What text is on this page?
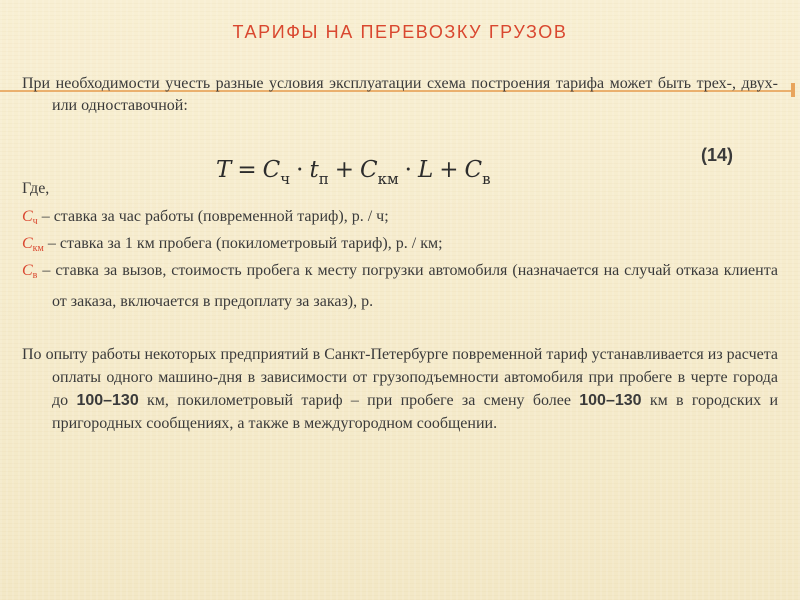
ТАРИФЫ НА ПЕРЕВОЗКУ ГРУЗОВ
При необходимости учесть разные условия эксплуатации схема построения тарифа может быть трех-, двух- или одноставочной:
$T = C_ч \cdot t_п + C_{км} \cdot L + C_в$
(14)
Где,
Сч – ставка за час работы (повременной тариф), р. / ч;
Скм – ставка за 1 км пробега (покилометровый тариф), р. / км;
Св – ставка за вызов, стоимость пробега к месту погрузки автомобиля (назначается на случай отказа клиента от заказа, включается в предоплату за заказ), р.
По опыту работы некоторых предприятий в Санкт-Петербурге повременной тариф устанавливается из расчета оплаты одного машино-дня в зависимости от грузоподъемности автомобиля при пробеге в черте города до 100–130 км, покилометровый тариф – при пробеге за смену более 100–130 км в городских и пригородных сообщениях, а также в междугородном сообщении.
